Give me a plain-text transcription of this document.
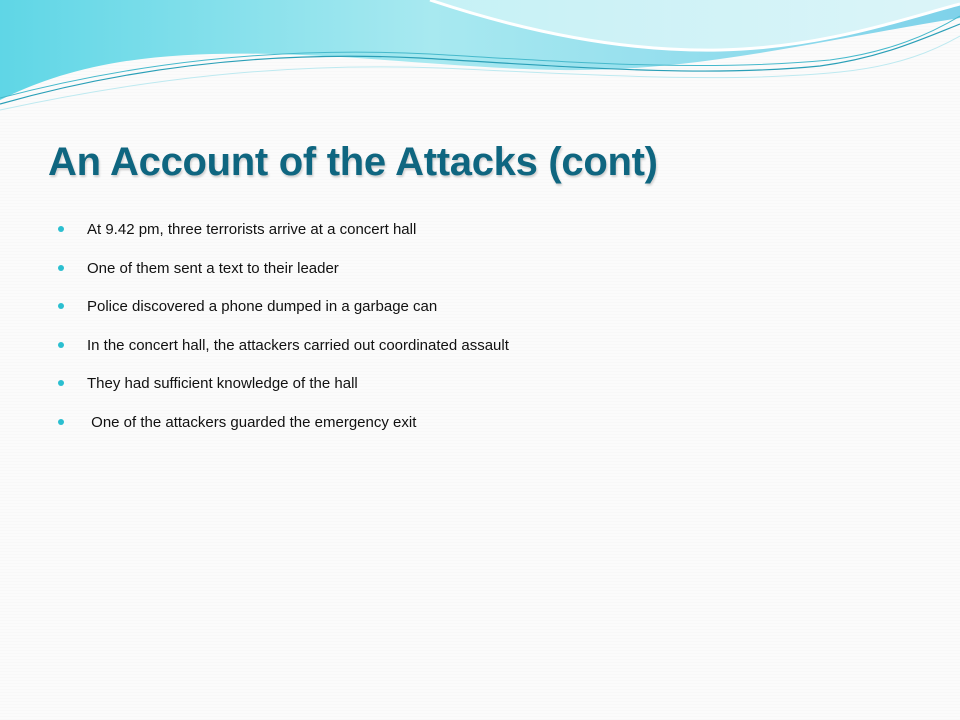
An Account of the Attacks (cont)
At 9.42 pm, three terrorists arrive at a concert hall
One of them sent a text to their leader
Police discovered a phone dumped in a garbage can
In the concert hall, the attackers carried out coordinated assault
They had sufficient knowledge of the hall
One of the attackers guarded the emergency exit
